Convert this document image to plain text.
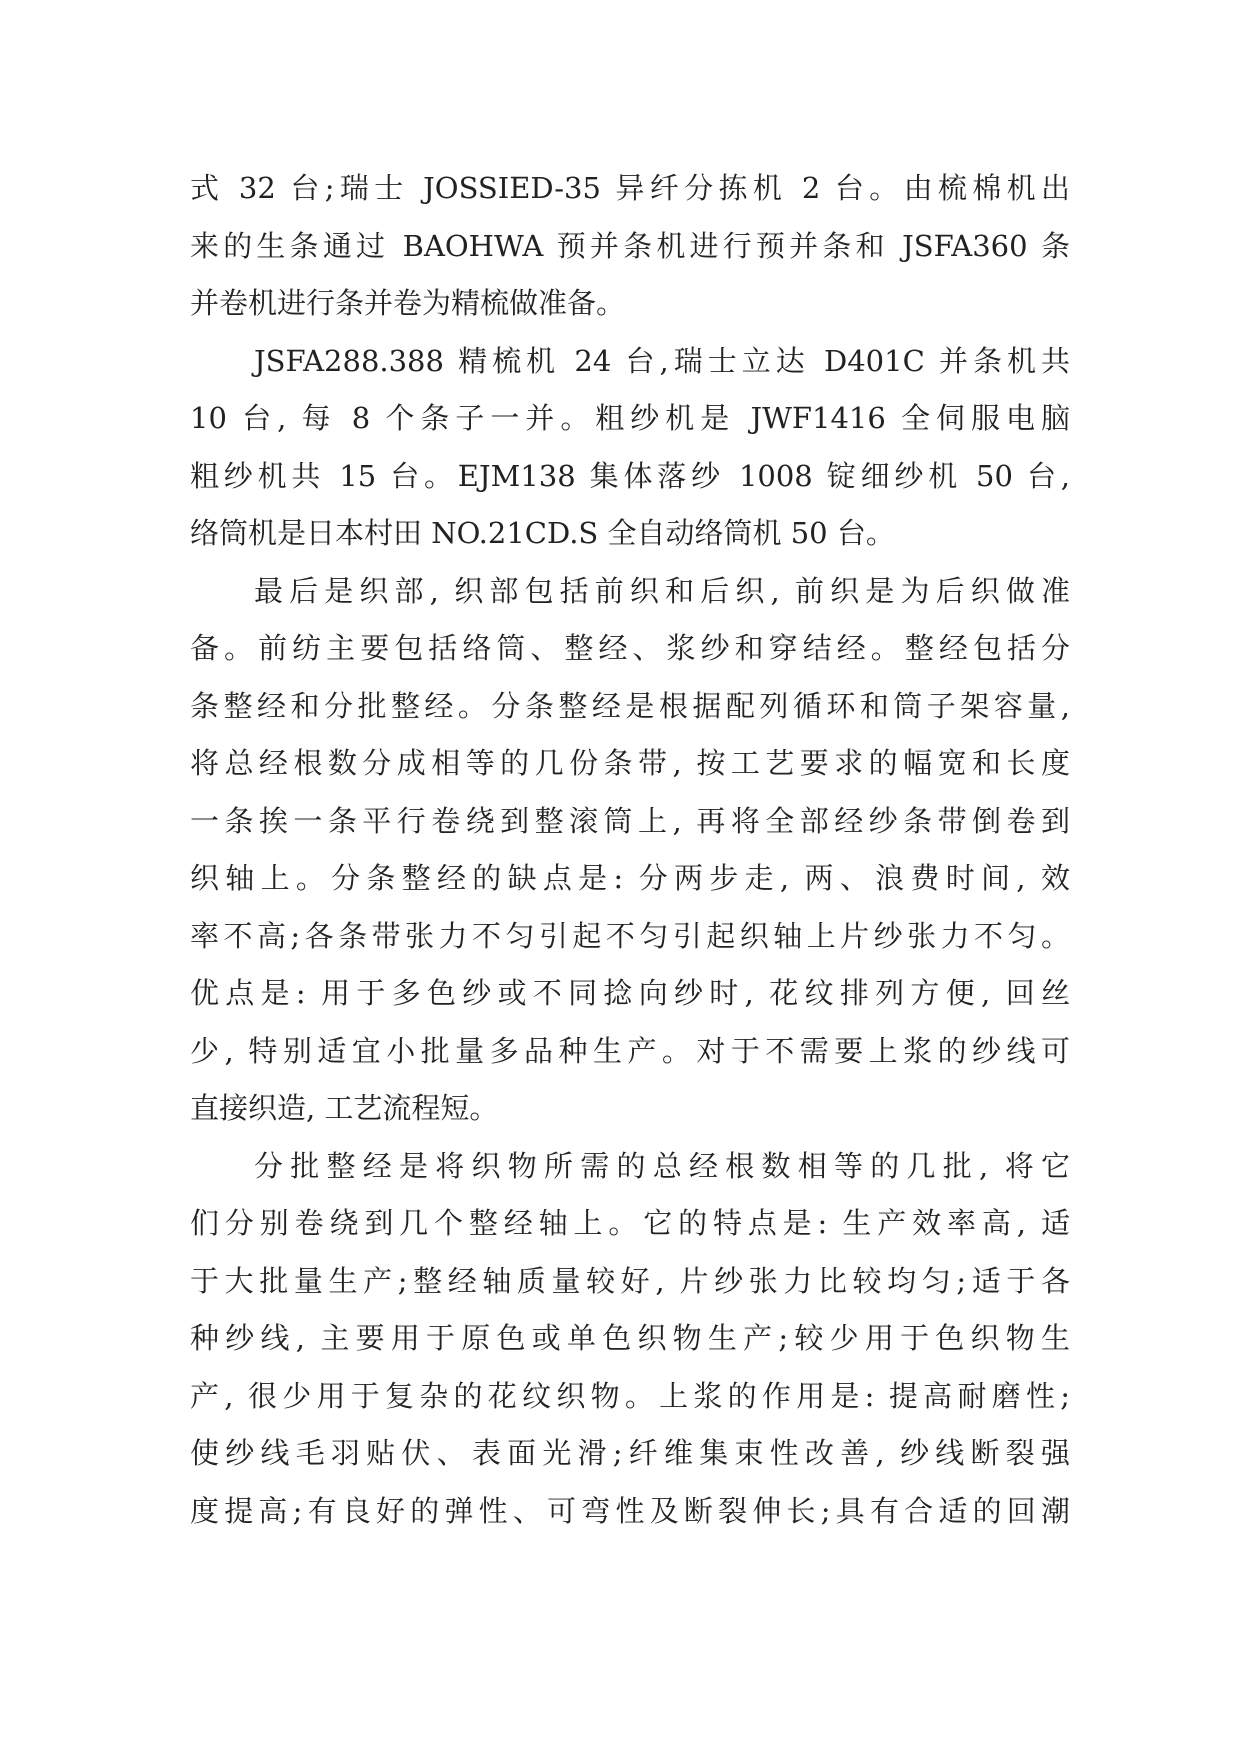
式 32 台;瑞士 JOSSIED-35 异纤分拣机 2 台。由梳棉机出
来的生条通过 BAOHWA 预并条机进行预并条和 JSFA360 条
并卷机进行条并卷为精梳做准备。
JSFA288.388 精梳机 24 台,瑞士立达 D401C 并条机共
10 台, 每 8 个条子一并。粗纱机是 JWF1416 全伺服电脑
粗纱机共 15 台。EJM138 集体落纱 1008 锭细纱机 50 台,
络筒机是日本村田 NO.21CD.S 全自动络筒机 50 台。
最后是织部, 织部包括前织和后织, 前织是为后织做准
备。前纺主要包括络筒、整经、浆纱和穿结经。整经包括分
条整经和分批整经。分条整经是根据配列循环和筒子架容量,
将总经根数分成相等的几份条带, 按工艺要求的幅宽和长度
一条挨一条平行卷绕到整滚筒上, 再将全部经纱条带倒卷到
织轴上。分条整经的缺点是: 分两步走, 两、浪费时间, 效
率不高;各条带张力不匀引起不匀引起织轴上片纱张力不匀。
优点是: 用于多色纱或不同捻向纱时, 花纹排列方便, 回丝
少, 特别适宜小批量多品种生产。对于不需要上浆的纱线可
直接织造, 工艺流程短。
分批整经是将织物所需的总经根数相等的几批, 将它
们分别卷绕到几个整经轴上。它的特点是: 生产效率高, 适
于大批量生产;整经轴质量较好, 片纱张力比较均匀;适于各
种纱线, 主要用于原色或单色织物生产;较少用于色织物生
产, 很少用于复杂的花纹织物。上浆的作用是: 提高耐磨性;
使纱线毛羽贴伏、表面光滑;纤维集束性改善, 纱线断裂强
度提高;有良好的弹性、可弯性及断裂伸长;具有合适的回潮
